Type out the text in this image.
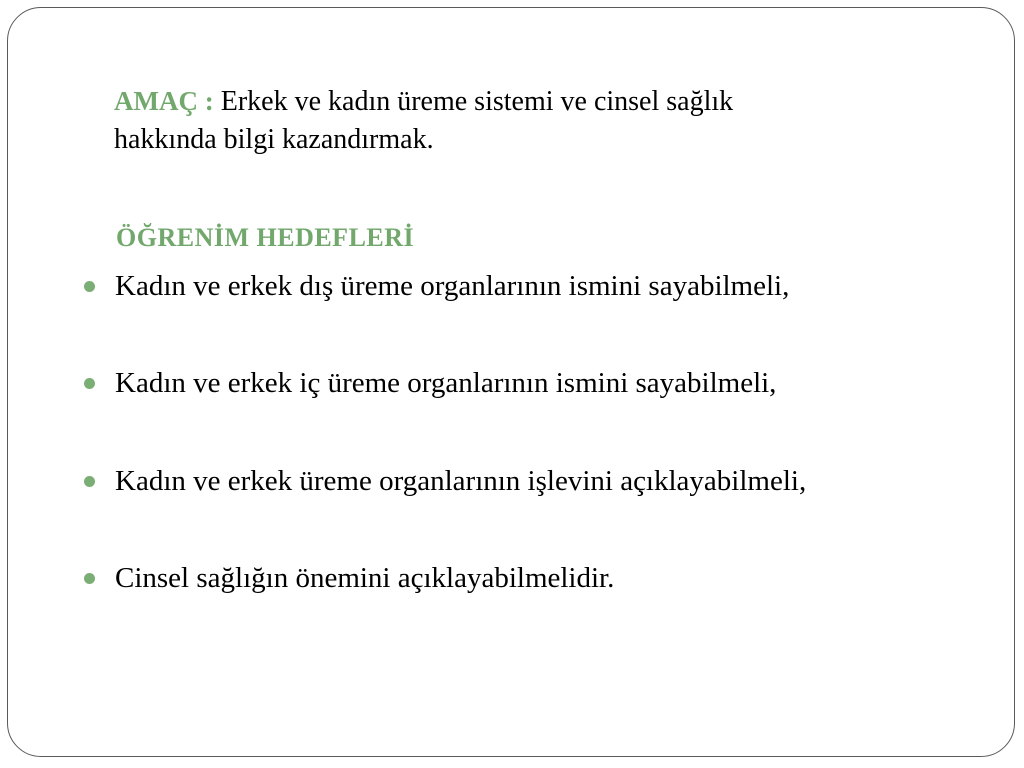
AMAÇ : Erkek ve kadın üreme sistemi ve cinsel sağlık
hakkında bilgi kazandırmak.
ÖĞRENİM HEDEFLERİ
Kadın ve erkek dış üreme organlarının ismini sayabilmeli,
Kadın ve erkek iç üreme organlarının ismini sayabilmeli,
Kadın ve erkek üreme organlarının işlevini açıklayabilmeli,
Cinsel sağlığın önemini açıklayabilmelidir.
